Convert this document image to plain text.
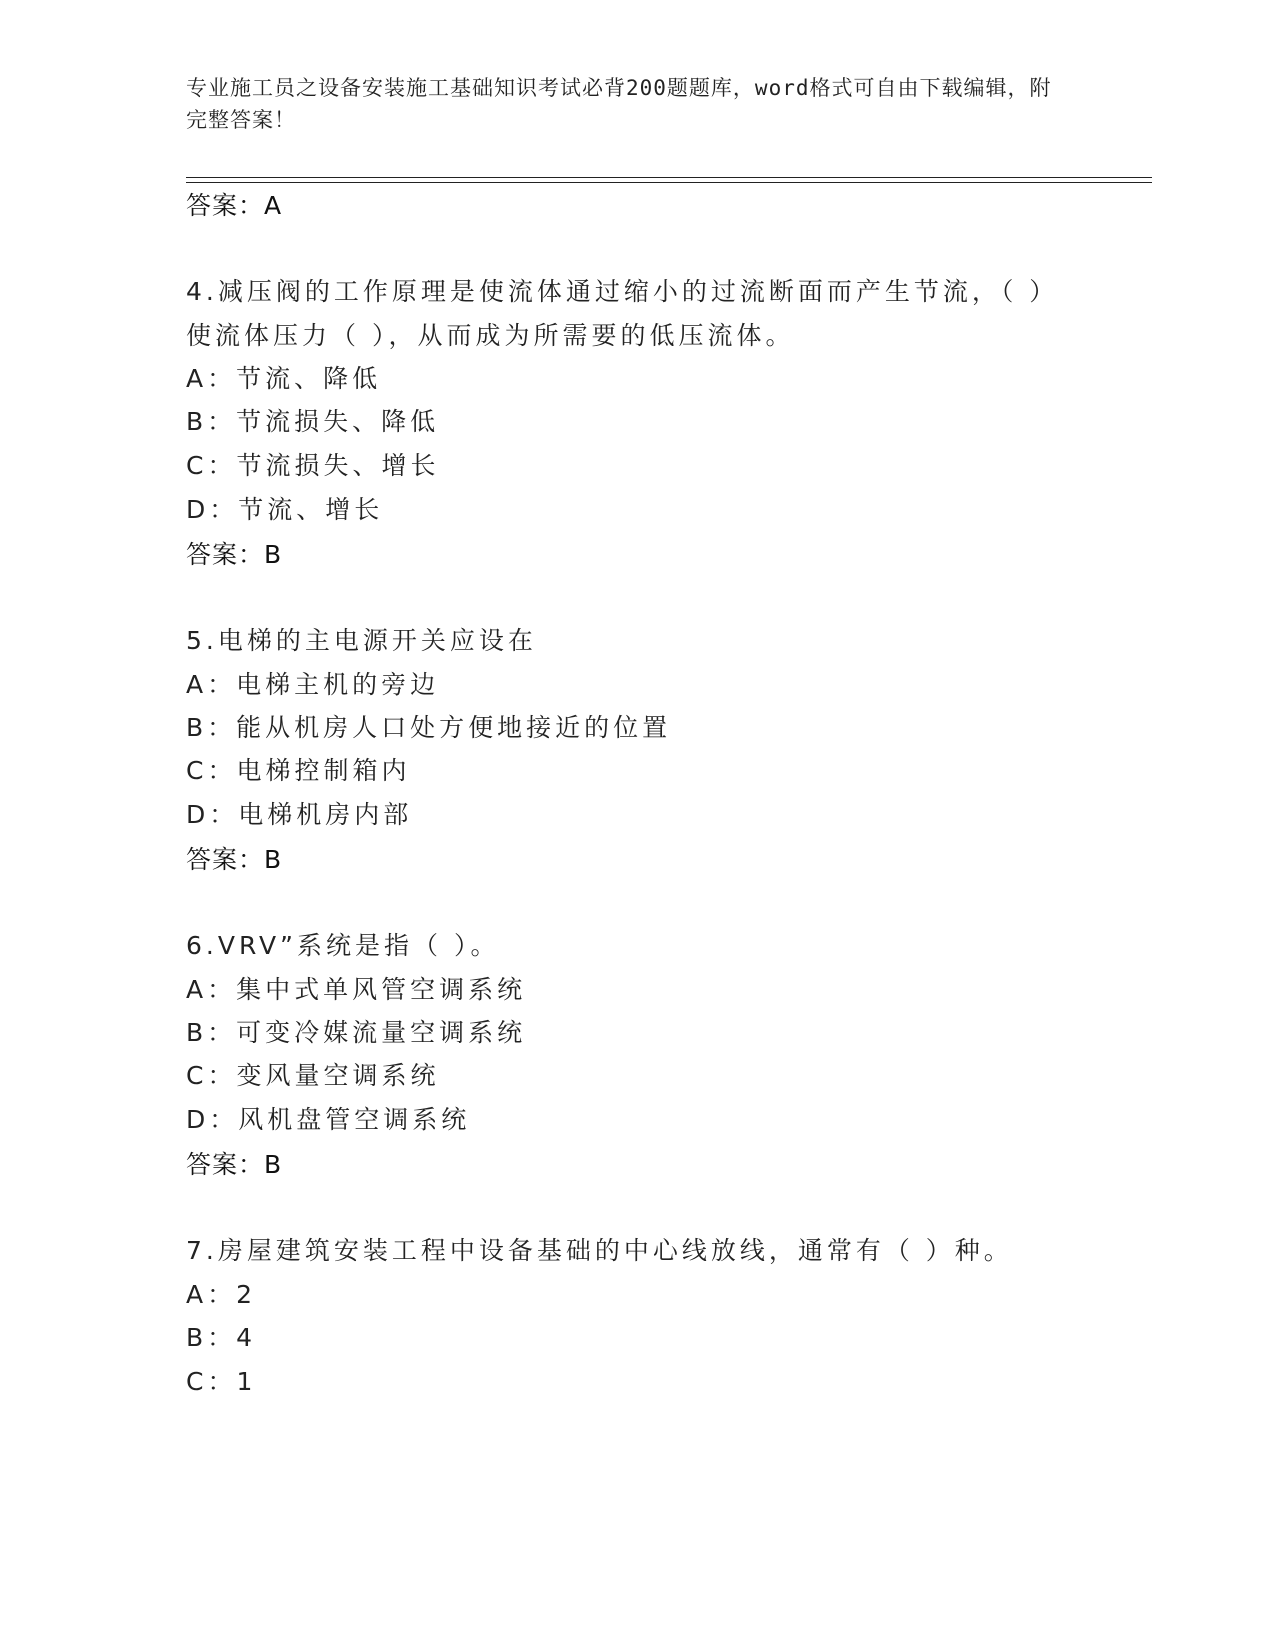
专业施工员之设备安装施工基础知识考试必背200题题库，word格式可自由下载编辑，附完整答案！
答案：A
4.减压阀的工作原理是使流体通过缩小的过流断面而产生节流，（ ）
使流体压力（ ），从而成为所需要的低压流体。
A：节流、降低
B：节流损失、降低
C：节流损失、增长
D：节流、增长
答案：B
5.电梯的主电源开关应设在
A：电梯主机的旁边
B：能从机房人口处方便地接近的位置
C：电梯控制箱内
D：电梯机房内部
答案：B
6.VRV”系统是指（ ）。
A：集中式单风管空调系统
B：可变冷媒流量空调系统
C：变风量空调系统
D：风机盘管空调系统
答案：B
7.房屋建筑安装工程中设备基础的中心线放线，通常有（ ）种。
A：2
B：4
C：1
